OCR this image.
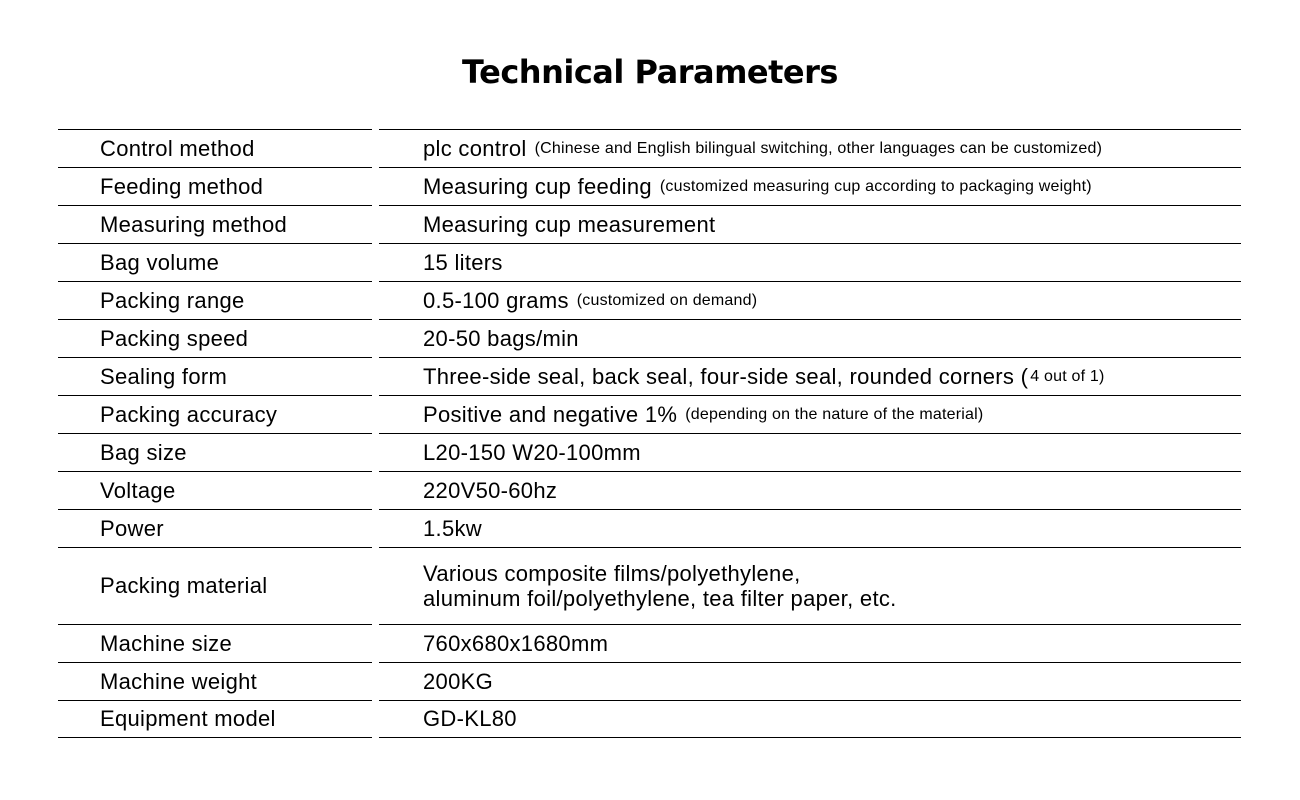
Technical Parameters
Control method	plc control (Chinese and English bilingual switching, other languages can be customized)
Feeding method	Measuring cup feeding (customized measuring cup according to packaging weight)
Measuring method	Measuring cup measurement
Bag volume	15 liters
Packing range	0.5-100 grams (customized on demand)
Packing speed	20-50 bags/min
Sealing form	Three-side seal, back seal, four-side seal, rounded corners ( 4 out of 1)
Packing accuracy	Positive and negative 1% (depending on the nature of the material)
Bag size	L20-150 W20-100mm
Voltage	220V50-60hz
Power	1.5kw
Packing material	Various composite films/polyethylene,
aluminum foil/polyethylene, tea filter paper, etc.
Machine size	760x680x1680mm
Machine weight	200KG
Equipment model	GD-KL80
